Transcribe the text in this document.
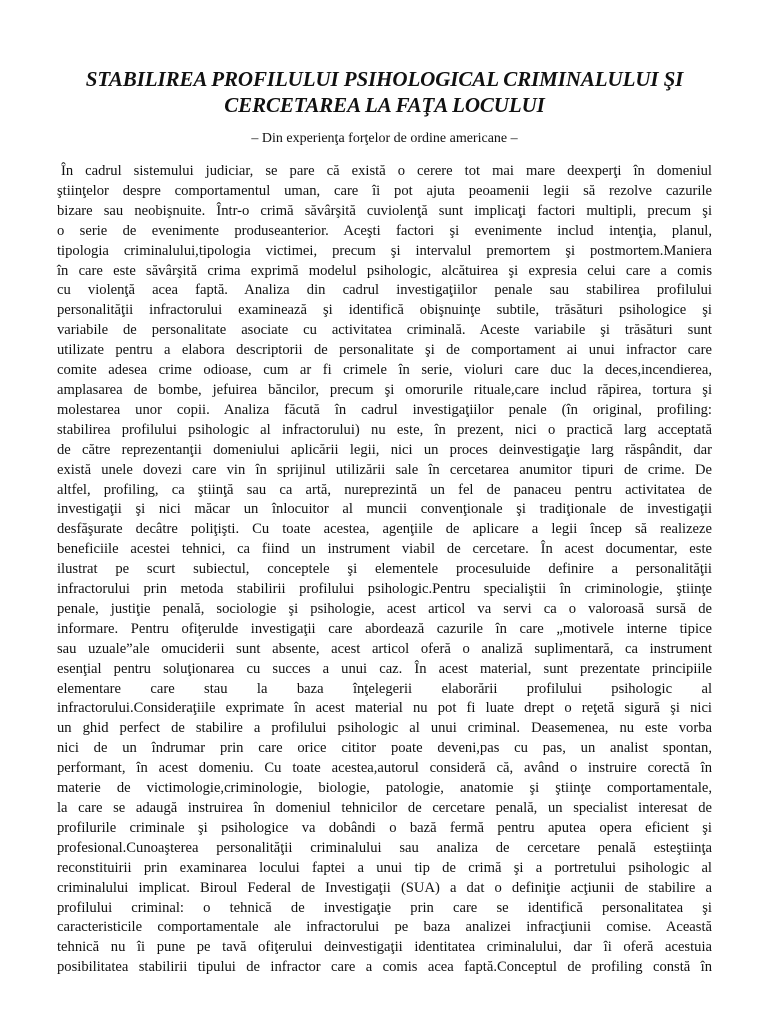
STABILIREA PROFILULUI PSIHOLOGICAL CRIMINALULUI ŞI
CERCETAREA LA FAŢA LOCULUI
– Din experienţa forţelor de ordine americane –
În cadrul sistemului judiciar, se pare că există o cerere tot mai mare deexperţi în domeniul
ştiinţelor despre comportamentul uman, care îi pot ajuta peoamenii legii să rezolve cazurile
bizare sau neobişnuite. Într-o crimă săvârşită cuviolenţă sunt implicaţi factori multipli, precum şi
o serie de evenimente produseanterior. Aceşti factori şi evenimente includ intenţia, planul,
tipologia criminalului,tipologia victimei, precum şi intervalul premortem şi postmortem.Maniera
în care este săvârşită crima exprimă modelul psihologic, alcătuirea şi expresia celui care a comis
cu violenţă acea faptă. Analiza din cadrul investigaţiilor penale sau stabilirea profilului
personalităţii infractorului examinează şi identifică obişnuinţe subtile, trăsături psihologice şi
variabile de personalitate asociate cu activitatea criminală. Aceste variabile şi trăsături sunt
utilizate pentru a elabora descriptorii de personalitate şi de comportament ai unui infractor care
comite adesea crime odioase, cum ar fi crimele în serie, violuri care duc la deces,incendierea,
amplasarea de bombe, jefuirea băncilor, precum şi omorurile rituale,care includ răpirea, tortura şi
molestarea unor copii. Analiza făcută în cadrul investigaţiilor penale (în original, profiling:
stabilirea profilului psihologic al infractorului) nu este, în prezent, nici o practică larg acceptată
de către reprezentanţii domeniului aplicării legii, nici un proces deinvestigaţie larg răspândit, dar
există unele dovezi care vin în sprijinul utilizării sale în cercetarea anumitor tipuri de crime. De
altfel, profiling, ca ştiinţă sau ca artă, nureprezintă un fel de panaceu pentru activitatea de
investigaţii şi nici măcar un înlocuitor al muncii convenţionale şi tradiţionale de investigaţii
desfăşurate decâtre poliţişti. Cu toate acestea, agenţiile de aplicare a legii încep să realizeze
beneficiile acestei tehnici, ca fiind un instrument viabil de cercetare. În acest documentar, este
ilustrat pe scurt subiectul, conceptele şi elementele procesuluide definire a personalităţii
infractorului prin metoda stabilirii profilului psihologic.Pentru specialiştii în criminologie, ştiinţe
penale, justiţie penală, sociologie şi psihologie, acest articol va servi ca o valoroasă sursă de
informare. Pentru ofiţerulde investigaţii care abordează cazurile în care „motivele interne tipice
sau uzuale”ale omuciderii sunt absente, acest articol oferă o analiză suplimentară, ca instrument
esenţial pentru soluţionarea cu succes a unui caz. În acest material, sunt prezentate principiile
elementare care stau la baza înţelegerii elaborării profilului psihologic al
infractorului.Consideraţiile exprimate în acest material nu pot fi luate drept o reţetă sigură şi nici
un ghid perfect de stabilire a profilului psihologic al unui criminal. Deasemenea, nu este vorba
nici de un îndrumar prin care orice cititor poate deveni,pas cu pas, un analist spontan,
performant, în acest domeniu. Cu toate acestea,autorul consideră că, având o instruire corectă în
materie de victimologie,criminologie, biologie, patologie, anatomie şi ştiinţe comportamentale,
la care se adaugă instruirea în domeniul tehnicilor de cercetare penală, un specialist interesat de
profilurile criminale şi psihologice va dobândi o bază fermă pentru aputea opera eficient şi
profesional.Cunoaşterea personalităţii criminalului sau analiza de cercetare penală esteştiinţa
reconstituirii prin examinarea locului faptei a unui tip de crimă şi a portretului psihologic al
criminalului implicat. Biroul Federal de Investigaţii (SUA) a dat o definiţie acţiunii de stabilire a
profilului criminal: o tehnică de investigaţie prin care se identifică personalitatea şi
caracteristicile comportamentale ale infractorului pe baza analizei infracţiunii comise. Această
tehnică nu îi pune pe tavă ofiţerului deinvestigaţii identitatea criminalului, dar îi oferă acestuia
posibilitatea stabilirii tipului de infractor care a comis acea faptă.Conceptul de profiling constă în
